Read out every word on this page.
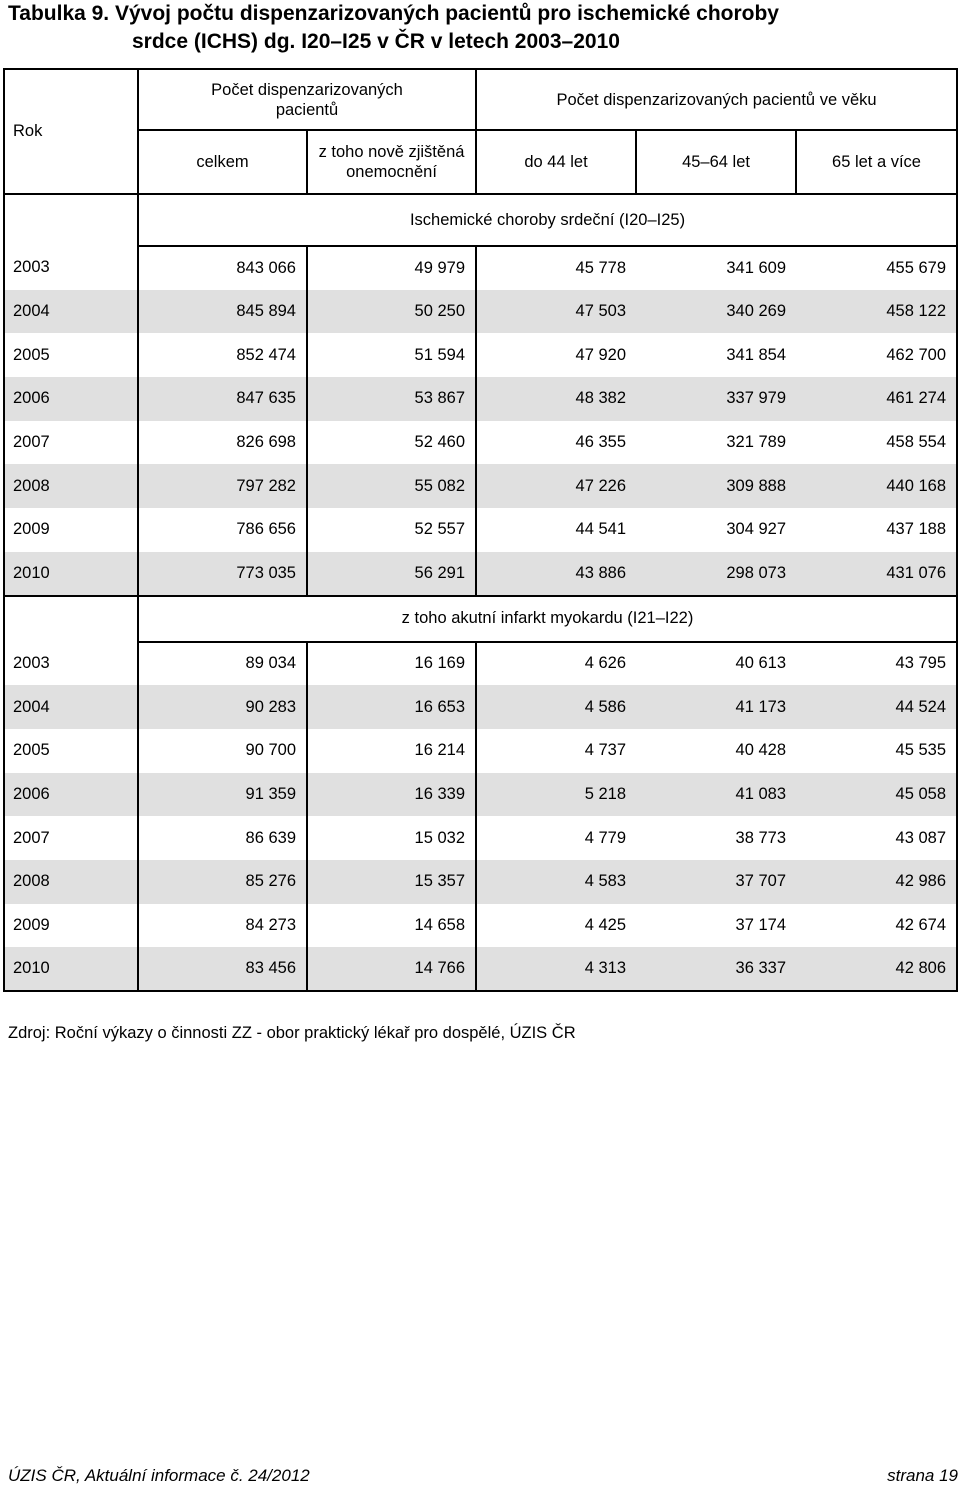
Tabulka 9. Vývoj počtu dispenzarizovaných pacientů pro ischemické choroby
srdce (ICHS) dg. I20–I25 v ČR v letech 2003–2010
Rok	Počet dispenzarizovaných pacientů		Počet dispenzarizovaných pacientů ve věku		
	celkem	z toho nově zjištěná onemocnění	do 44 let	45–64 let	65 let a více
	Ischemické choroby srdeční (I20–I25)				
2003	843 066	49 979	45 778	341 609	455 679
2004	845 894	50 250	47 503	340 269	458 122
2005	852 474	51 594	47 920	341 854	462 700
2006	847 635	53 867	48 382	337 979	461 274
2007	826 698	52 460	46 355	321 789	458 554
2008	797 282	55 082	47 226	309 888	440 168
2009	786 656	52 557	44 541	304 927	437 188
2010	773 035	56 291	43 886	298 073	431 076
	z toho akutní infarkt myokardu (I21–I22)				
2003	89 034	16 169	4 626	40 613	43 795
2004	90 283	16 653	4 586	41 173	44 524
2005	90 700	16 214	4 737	40 428	45 535
2006	91 359	16 339	5 218	41 083	45 058
2007	86 639	15 032	4 779	38 773	43 087
2008	85 276	15 357	4 583	37 707	42 986
2009	84 273	14 658	4 425	37 174	42 674
2010	83 456	14 766	4 313	36 337	42 806
Zdroj: Roční výkazy o činnosti ZZ - obor praktický lékař pro dospělé, ÚZIS ČR
ÚZIS ČR, Aktuální informace č. 24/2012	strana 19
